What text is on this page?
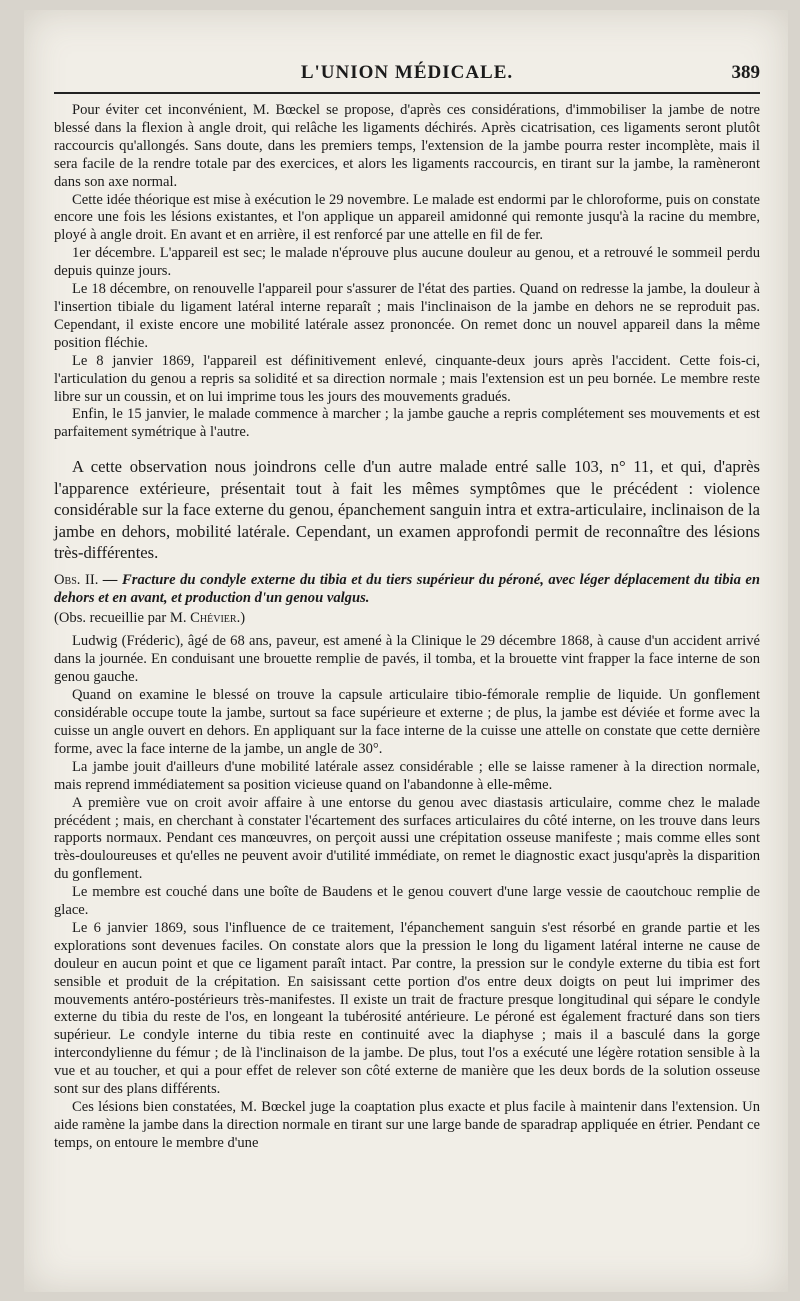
L'UNION MÉDICALE.	389

Pour éviter cet inconvénient, M. Bœckel se propose, d'après ces considérations, d'immobiliser la jambe de notre blessé dans la flexion à angle droit, qui relâche les ligaments déchirés. Après cicatrisation, ces ligaments seront plutôt raccourcis qu'allongés. Sans doute, dans les premiers temps, l'extension de la jambe pourra rester incomplète, mais il sera facile de la rendre totale par des exercices, et alors les ligaments raccourcis, en tirant sur la jambe, la ramèneront dans son axe normal.

Cette idée théorique est mise à exécution le 29 novembre. Le malade est endormi par le chloroforme, puis on constate encore une fois les lésions existantes, et l'on applique un appareil amidonné qui remonte jusqu'à la racine du membre, ployé à angle droit. En avant et en arrière, il est renforcé par une attelle en fil de fer.

1er décembre. L'appareil est sec; le malade n'éprouve plus aucune douleur au genou, et a retrouvé le sommeil perdu depuis quinze jours.

Le 18 décembre, on renouvelle l'appareil pour s'assurer de l'état des parties. Quand on redresse la jambe, la douleur à l'insertion tibiale du ligament latéral interne reparaît ; mais l'inclinaison de la jambe en dehors ne se reproduit pas. Cependant, il existe encore une mobilité latérale assez prononcée. On remet donc un nouvel appareil dans la même position fléchie.

Le 8 janvier 1869, l'appareil est définitivement enlevé, cinquante-deux jours après l'accident. Cette fois-ci, l'articulation du genou a repris sa solidité et sa direction normale ; mais l'extension est un peu bornée. Le membre reste libre sur un coussin, et on lui imprime tous les jours des mouvements gradués.

Enfin, le 15 janvier, le malade commence à marcher ; la jambe gauche a repris complétement ses mouvements et est parfaitement symétrique à l'autre.

A cette observation nous joindrons celle d'un autre malade entré salle 103, n° 11, et qui, d'après l'apparence extérieure, présentait tout à fait les mêmes symptômes que le précédent : violence considérable sur la face externe du genou, épanchement sanguin intra et extra-articulaire, inclinaison de la jambe en dehors, mobilité latérale. Cependant, un examen approfondi permit de reconnaître des lésions très-différentes.

Obs. II. — Fracture du condyle externe du tibia et du tiers supérieur du péroné, avec léger déplacement du tibia en dehors et en avant, et production d'un genou valgus.

(Obs. recueillie par M. Chévier.)

Ludwig (Fréderic), âgé de 68 ans, paveur, est amené à la Clinique le 29 décembre 1868, à cause d'un accident arrivé dans la journée. En conduisant une brouette remplie de pavés, il tomba, et la brouette vint frapper la face interne de son genou gauche.

Quand on examine le blessé on trouve la capsule articulaire tibio-fémorale remplie de liquide. Un gonflement considérable occupe toute la jambe, surtout sa face supérieure et externe ; de plus, la jambe est déviée et forme avec la cuisse un angle ouvert en dehors. En appliquant sur la face interne de la cuisse une attelle on constate que cette dernière forme, avec la face interne de la jambe, un angle de 30°.

La jambe jouit d'ailleurs d'une mobilité latérale assez considérable ; elle se laisse ramener à la direction normale, mais reprend immédiatement sa position vicieuse quand on l'abandonne à elle-même.

A première vue on croit avoir affaire à une entorse du genou avec diastasis articulaire, comme chez le malade précédent ; mais, en cherchant à constater l'écartement des surfaces articulaires du côté interne, on les trouve dans leurs rapports normaux. Pendant ces manœuvres, on perçoit aussi une crépitation osseuse manifeste ; mais comme elles sont très-douloureuses et qu'elles ne peuvent avoir d'utilité immédiate, on remet le diagnostic exact jusqu'après la disparition du gonflement.

Le membre est couché dans une boîte de Baudens et le genou couvert d'une large vessie de caoutchouc remplie de glace.

Le 6 janvier 1869, sous l'influence de ce traitement, l'épanchement sanguin s'est résorbé en grande partie et les explorations sont devenues faciles. On constate alors que la pression le long du ligament latéral interne ne cause de douleur en aucun point et que ce ligament paraît intact. Par contre, la pression sur le condyle externe du tibia est fort sensible et produit de la crépitation. En saisissant cette portion d'os entre deux doigts on peut lui imprimer des mouvements antéro-postérieurs très-manifestes. Il existe un trait de fracture presque longitudinal qui sépare le condyle externe du tibia du reste de l'os, en longeant la tubérosité antérieure. Le péroné est également fracturé dans son tiers supérieur. Le condyle interne du tibia reste en continuité avec la diaphyse ; mais il a basculé dans la gorge intercondylienne du fémur ; de là l'inclinaison de la jambe. De plus, tout l'os a exécuté une légère rotation sensible à la vue et au toucher, et qui a pour effet de relever son côté externe de manière que les deux bords de la solution osseuse sont sur des plans différents.

Ces lésions bien constatées, M. Bœckel juge la coaptation plus exacte et plus facile à maintenir dans l'extension. Un aide ramène la jambe dans la direction normale en tirant sur une large bande de sparadrap appliquée en étrier. Pendant ce temps, on entoure le membre d'une
